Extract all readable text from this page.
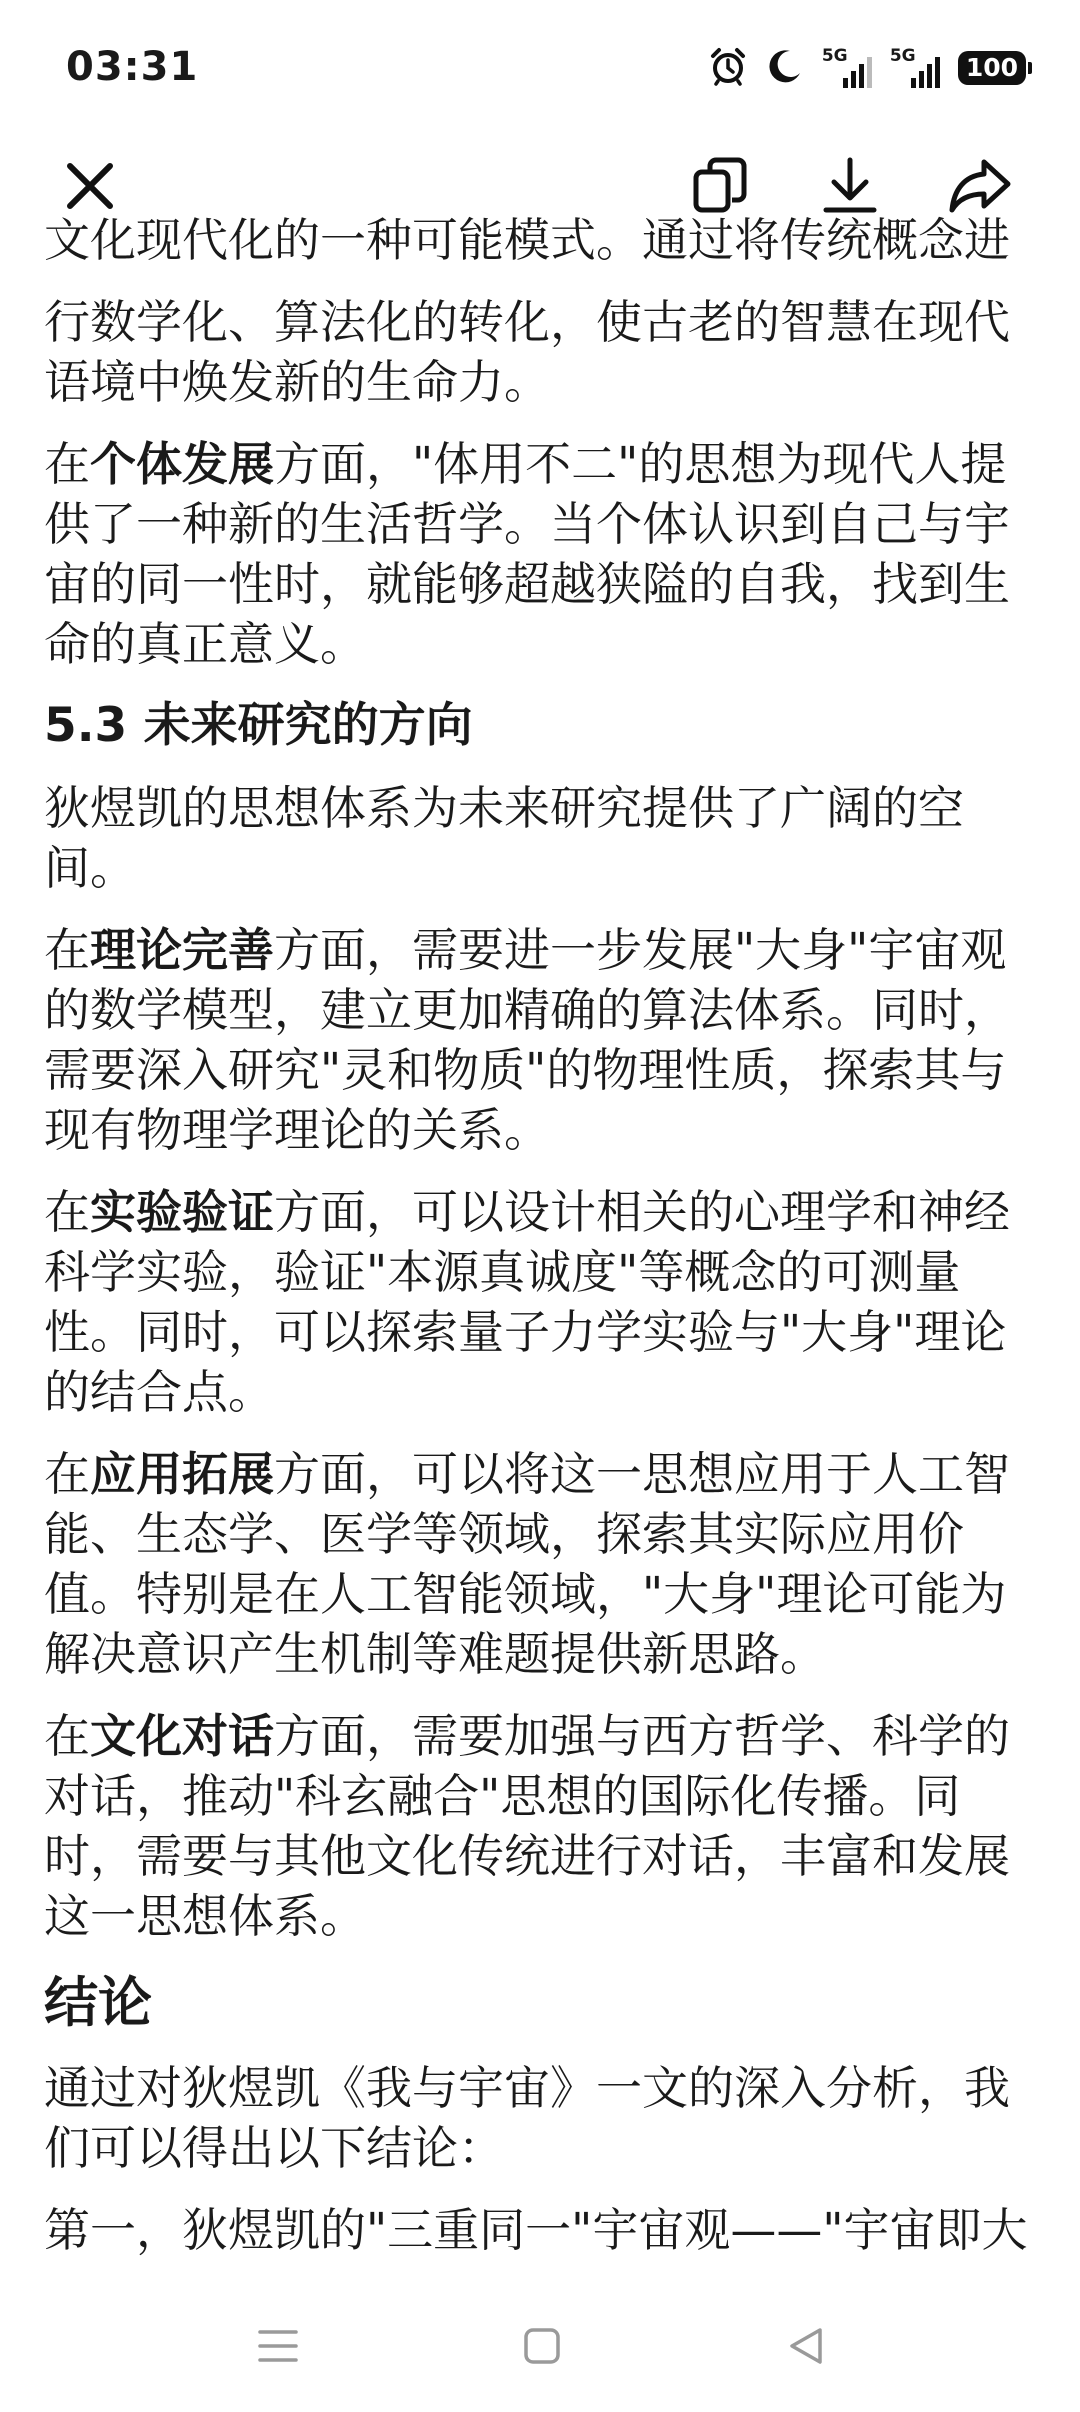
03:31	5G 5G	100

文化现代化的一种可能模式。通过将传统概念进

行数学化、算法化的转化，使古老的智慧在现代语境中焕发新的生命力。

在个体发展方面，"体用不二"的思想为现代人提供了一种新的生活哲学。当个体认识到自己与宇宙的同一性时，就能够超越狭隘的自我，找到生命的真正意义。

5.3 未来研究的方向

狄煜凯的思想体系为未来研究提供了广阔的空间。

在理论完善方面，需要进一步发展"大身"宇宙观的数学模型，建立更加精确的算法体系。同时，需要深入研究"灵和物质"的物理性质，探索其与现有物理学理论的关系。

在实验验证方面，可以设计相关的心理学和神经科学实验，验证"本源真诚度"等概念的可测量性。同时，可以探索量子力学实验与"大身"理论的结合点。

在应用拓展方面，可以将这一思想应用于人工智能、生态学、医学等领域，探索其实际应用价值。特别是在人工智能领域，"大身"理论可能为解决意识产生机制等难题提供新思路。

在文化对话方面，需要加强与西方哲学、科学的对话，推动"科玄融合"思想的国际化传播。同时，需要与其他文化传统进行对话，丰富和发展这一思想体系。

结论

通过对狄煜凯《我与宇宙》一文的深入分析，我们可以得出以下结论：

第一，狄煜凯的"三重同一"宇宙观——"宇宙即大
